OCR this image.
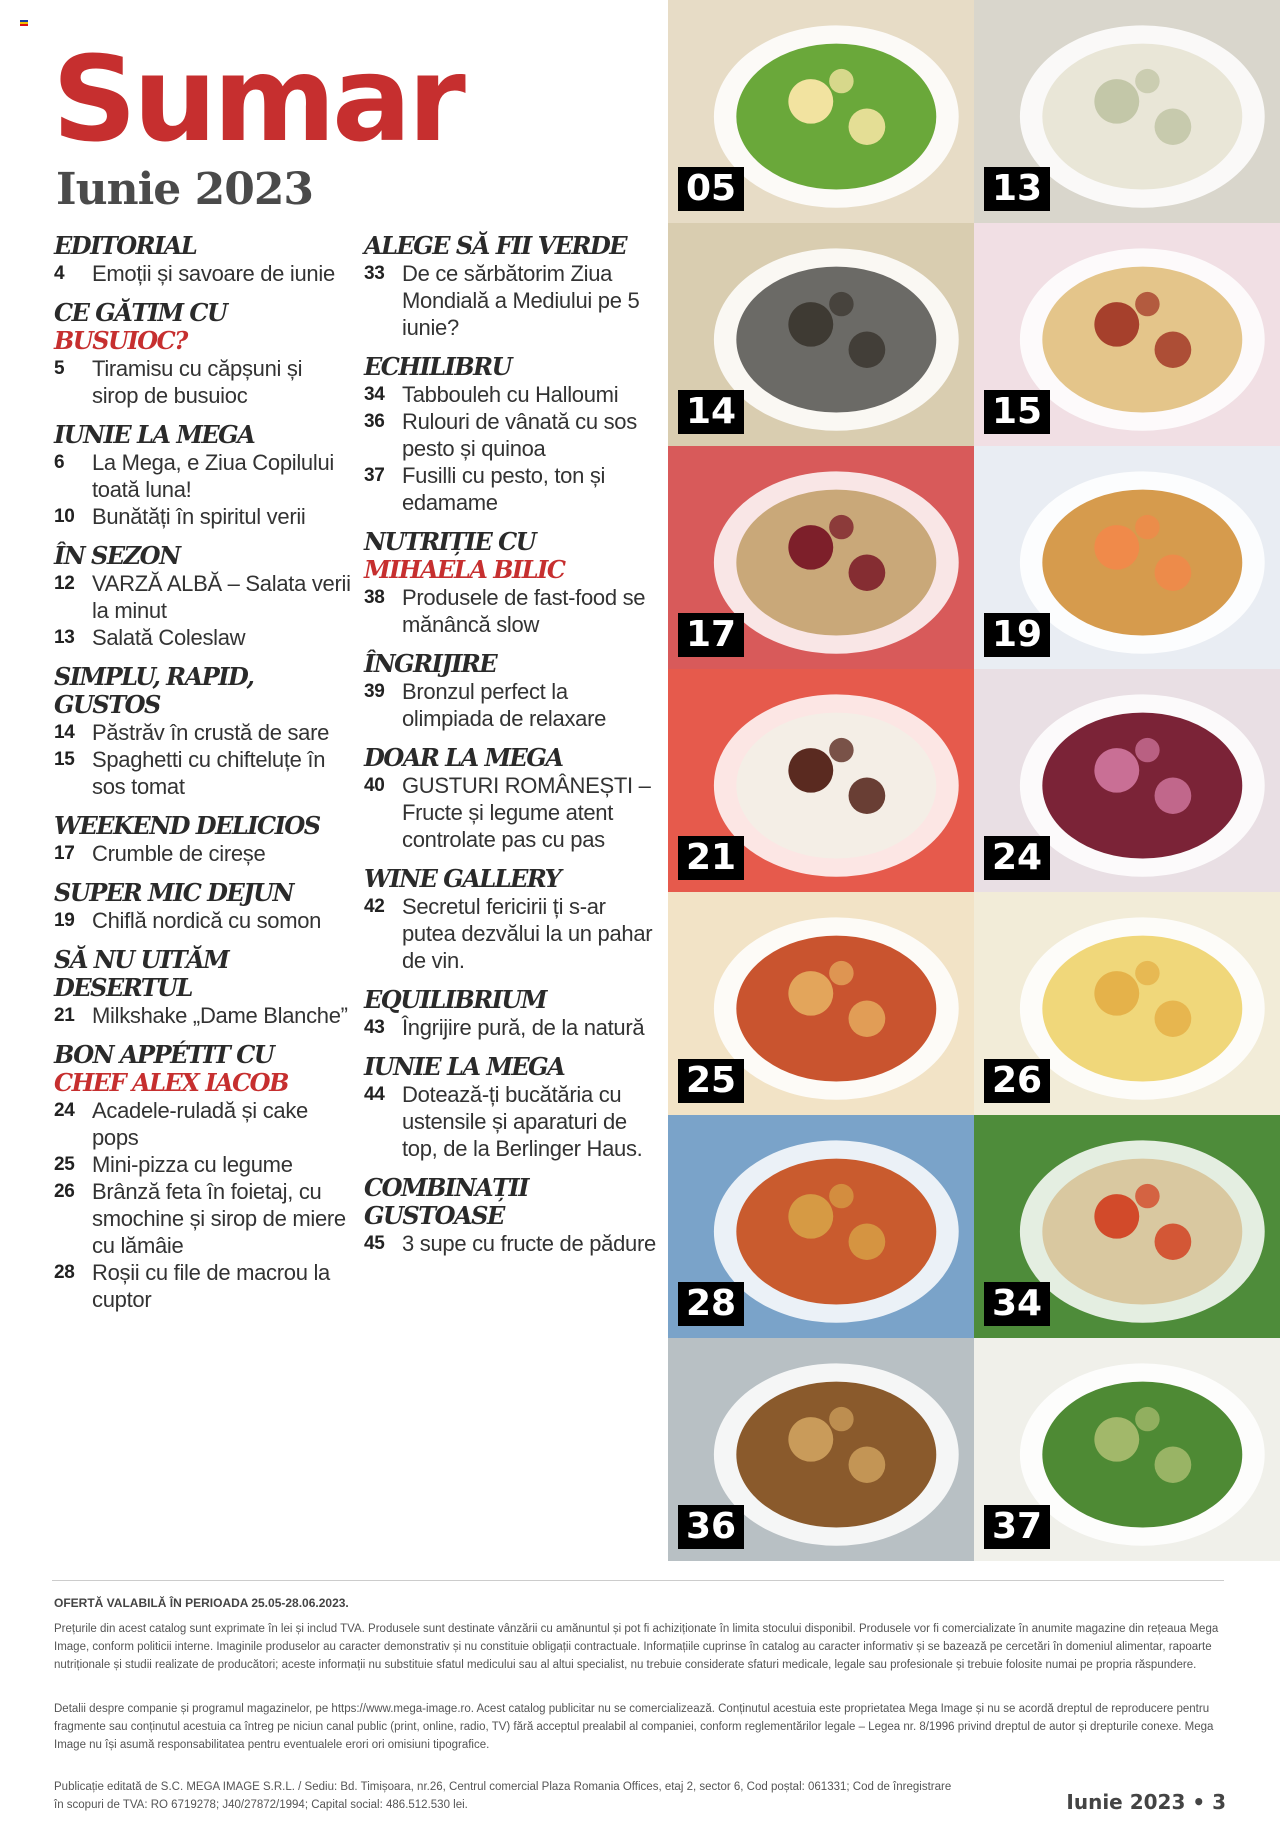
Sumar
Iunie 2023
EDITORIAL
4	Emoții și savoare de iunie
CE GĂTIM CU
BUSUIOC?
5	Tiramisu cu căpșuni și sirop de busuioc
IUNIE LA MEGA
6	La Mega, e Ziua Copilului toată luna!
10 Bunătăți în spiritul verii
ÎN SEZON
12 VARZĂ ALBĂ – Salata verii la minut
13 Salată Coleslaw
SIMPLU, RAPID, GUSTOS
14 Păstrăv în crustă de sare
15 Spaghetti cu chifteluțe în sos tomat
WEEKEND DELICIOS
17 Crumble de cireșe
SUPER MIC DEJUN
19 Chiflă nordică cu somon
SĂ NU UITĂM DESERTUL
21 Milkshake „Dame Blanche”
BON APPÉTIT CU
CHEF ALEX IACOB
24 Acadele-ruladă și cake pops
25 Mini-pizza cu legume
26 Brânză feta în foietaj, cu smochine și sirop de miere cu lămâie
28 Roșii cu file de macrou la cuptor
ALEGE SĂ FII VERDE
33 De ce sărbătorim Ziua Mondială a Mediului pe 5 iunie?
ECHILIBRU
34 Tabbouleh cu Halloumi
36 Rulouri de vânată cu sos pesto și quinoa
37 Fusilli cu pesto, ton și edamame
NUTRIȚIE CU
MIHAELA BILIC
38 Produsele de fast-food se mănâncă slow
ÎNGRIJIRE
39 Bronzul perfect la olimpiada de relaxare
DOAR LA MEGA
40 GUSTURI ROMÂNEȘTI – Fructe și legume atent controlate pas cu pas
WINE GALLERY
42 Secretul fericirii ți s-ar putea dezvălui la un pahar de vin.
EQUILIBRIUM
43 Îngrijire pură, de la natură
IUNIE LA MEGA
44 Dotează-ți bucătăria cu ustensile și aparaturi de top, de la Berlinger Haus.
COMBINAȚII GUSTOASE
45 3 supe cu fructe de pădure
05	13
14	15
17	19
21	24
25	26
28	34
36	37
OFERTĂ VALABILĂ ÎN PERIOADA 25.05-28.06.2023.

Prețurile din acest catalog sunt exprimate în lei și includ TVA. Produsele sunt destinate vânzării cu amănuntul și pot fi achiziționate în limita stocului disponibil. Produsele vor fi comercializate în anumite magazine din rețeaua Mega Image, conform politicii interne. Imaginile produselor au caracter demonstrativ și nu constituie obligații contractuale. Informațiile cuprinse în catalog au caracter informativ și se bazează pe cercetări în domeniul alimentar, rapoarte nutriționale și studii realizate de producători; aceste informații nu substituie sfatul medicului sau al altui specialist, nu trebuie considerate sfaturi medicale, legale sau profesionale și trebuie folosite numai pe propria răspundere.

Detalii despre companie și programul magazinelor, pe https://www.mega-image.ro. Acest catalog publicitar nu se comercializează. Conținutul acestuia este proprietatea Mega Image și nu se acordă dreptul de reproducere pentru fragmente sau conținutul acestuia ca întreg pe niciun canal public (print, online, radio, TV) fără acceptul prealabil al companiei, conform reglementărilor legale – Legea nr. 8/1996 privind dreptul de autor și drepturile conexe. Mega Image nu își asumă responsabilitatea pentru eventualele erori ori omisiuni tipografice.

Publicație editată de S.C. MEGA IMAGE S.R.L. / Sediu: Bd. Timișoara, nr.26, Centrul comercial Plaza Romania Offices, etaj 2, sector 6, Cod poștal: 061331; Cod de înregistrare în scopuri de TVA: RO 6719278; J40/27872/1994; Capital social: 486.512.530 lei.	Iunie 2023 • 3
